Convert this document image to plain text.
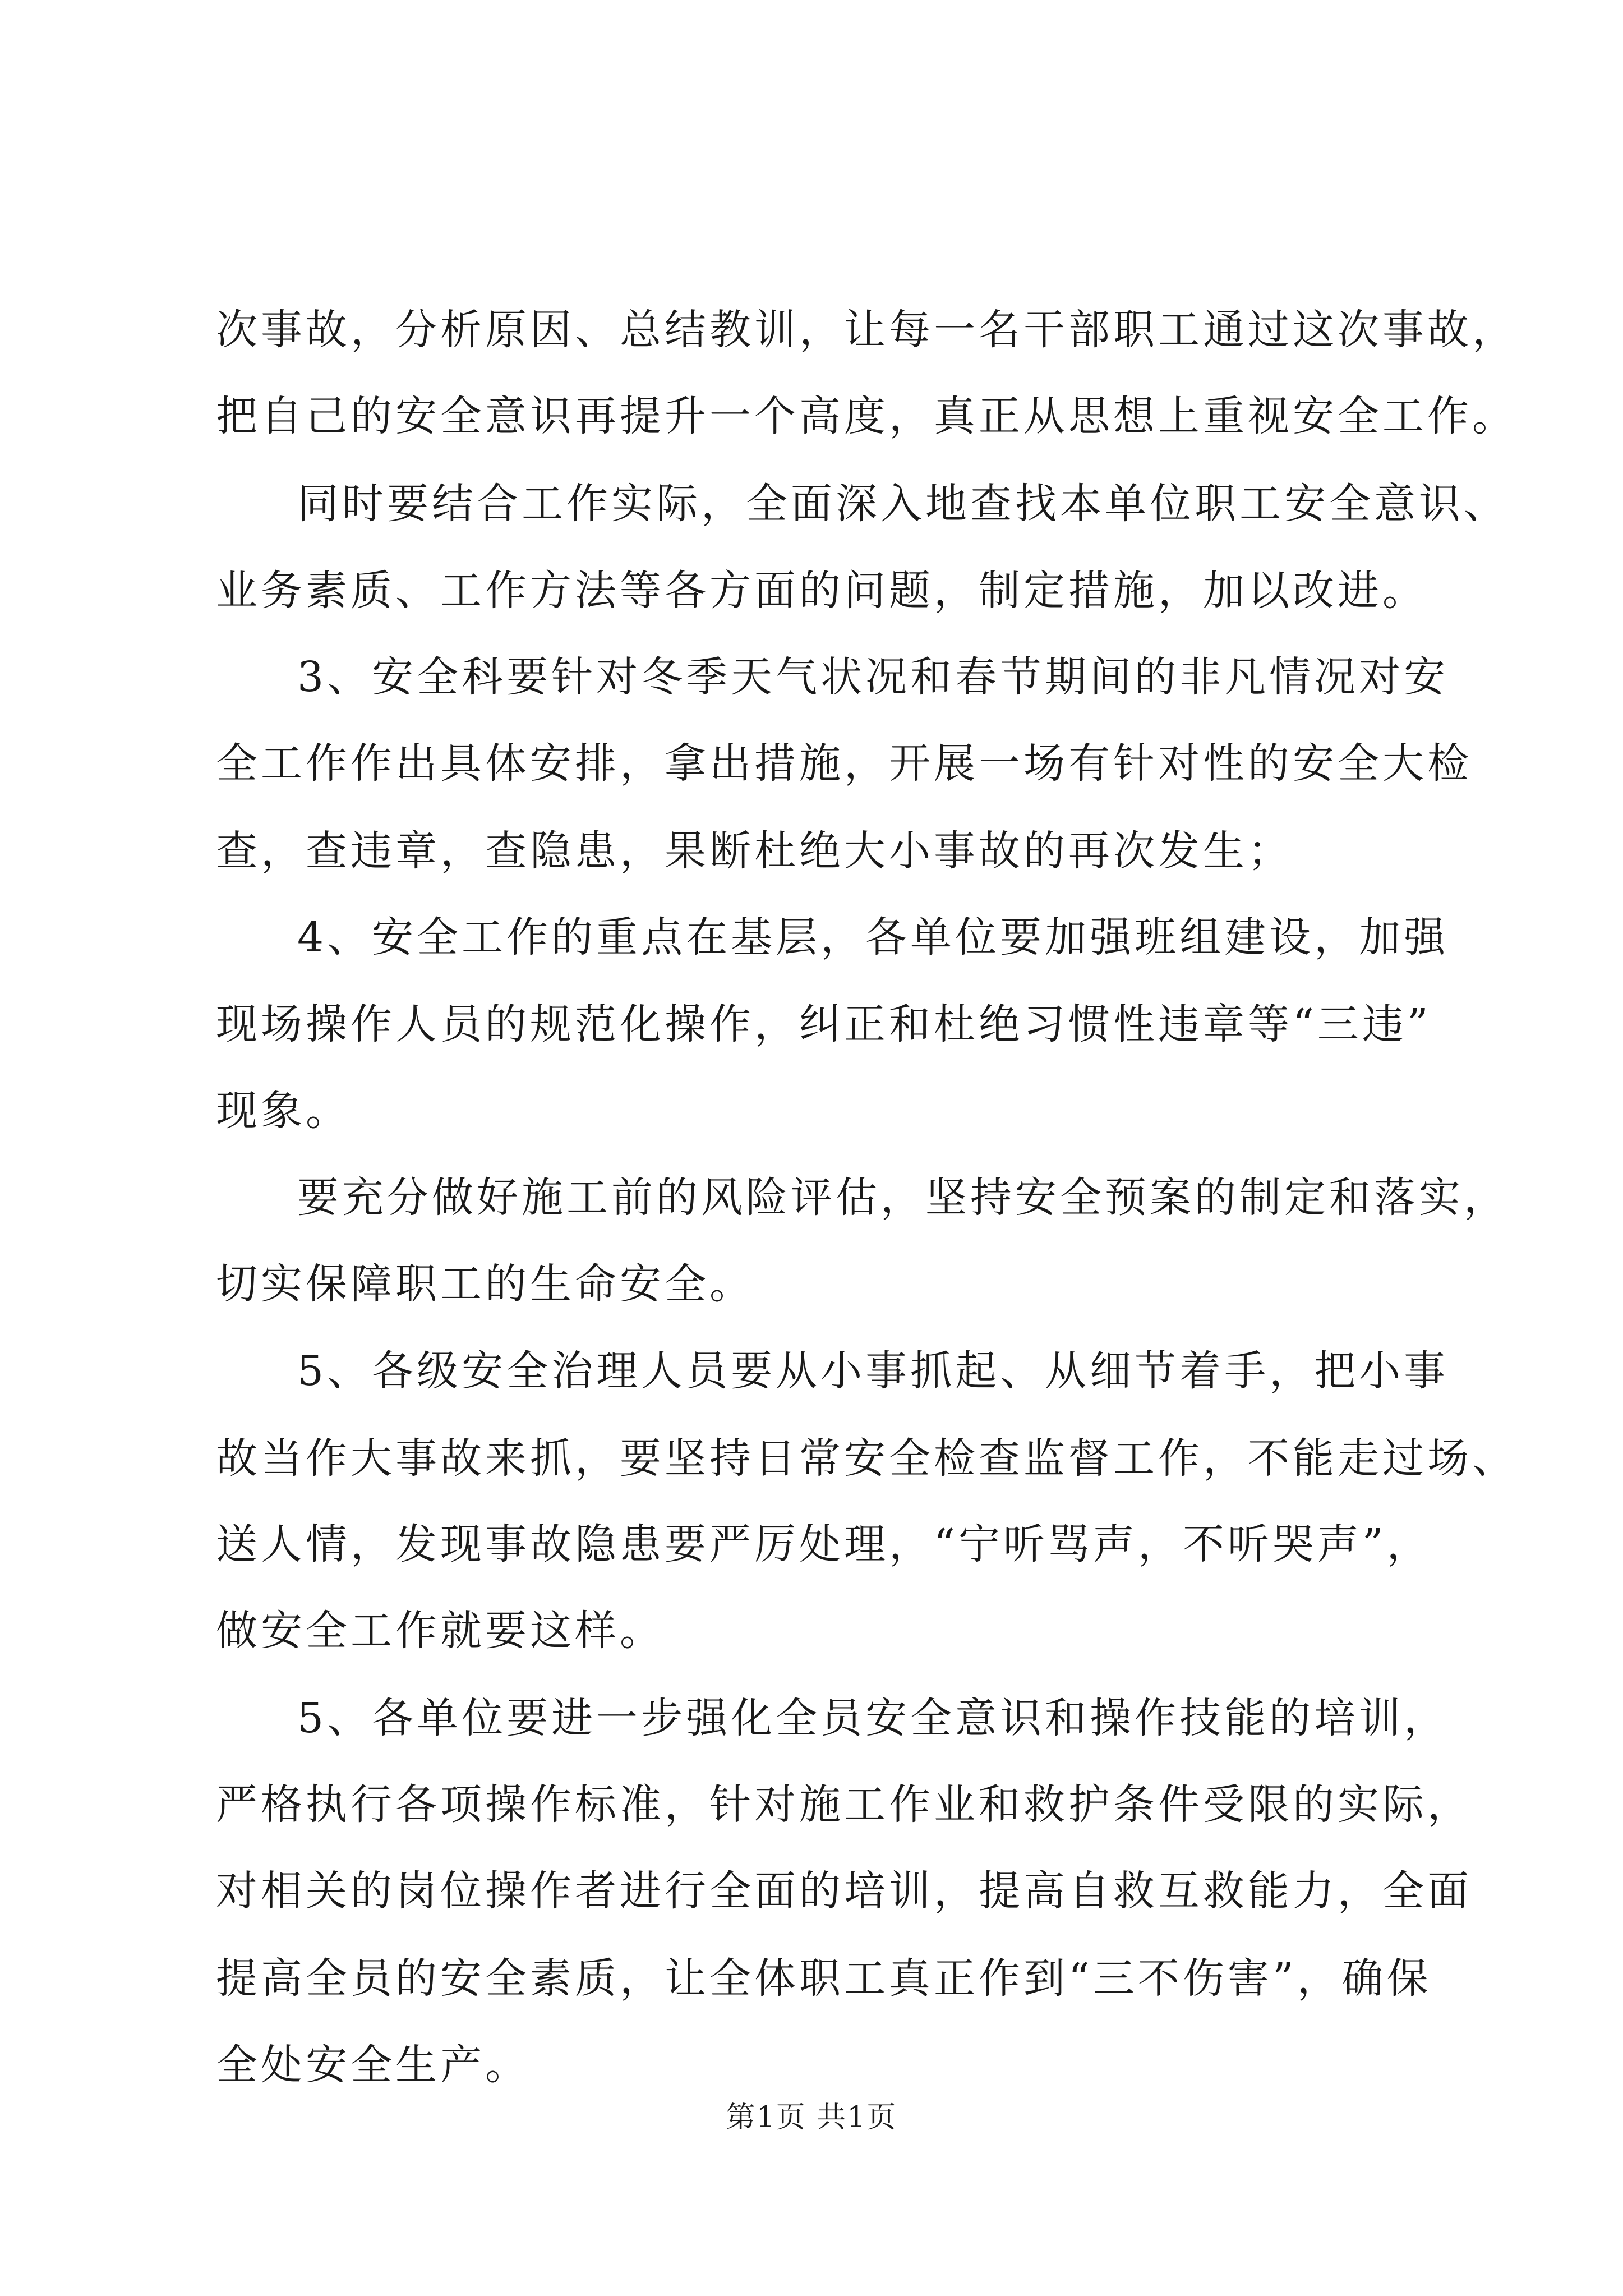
次事故，分析原因、总结教训，让每一名干部职工通过这次事故，
把自己的安全意识再提升一个高度，真正从思想上重视安全工作。
同时要结合工作实际，全面深入地查找本单位职工安全意识、
业务素质、工作方法等各方面的问题，制定措施，加以改进。
3、安全科要针对冬季天气状况和春节期间的非凡情况对安
全工作作出具体安排，拿出措施，开展一场有针对性的安全大检
查，查违章，查隐患，果断杜绝大小事故的再次发生；
4、安全工作的重点在基层，各单位要加强班组建设，加强
现场操作人员的规范化操作，纠正和杜绝习惯性违章等“三违”
现象。
要充分做好施工前的风险评估，坚持安全预案的制定和落实，
切实保障职工的生命安全。
5、各级安全治理人员要从小事抓起、从细节着手，把小事
故当作大事故来抓，要坚持日常安全检查监督工作，不能走过场、
送人情，发现事故隐患要严厉处理，“宁听骂声，不听哭声”，
做安全工作就要这样。
5、各单位要进一步强化全员安全意识和操作技能的培训，
严格执行各项操作标准，针对施工作业和救护条件受限的实际，
对相关的岗位操作者进行全面的培训，提高自救互救能力，全面
提高全员的安全素质，让全体职工真正作到“三不伤害”，确保
全处安全生产。
第1页 共1页
